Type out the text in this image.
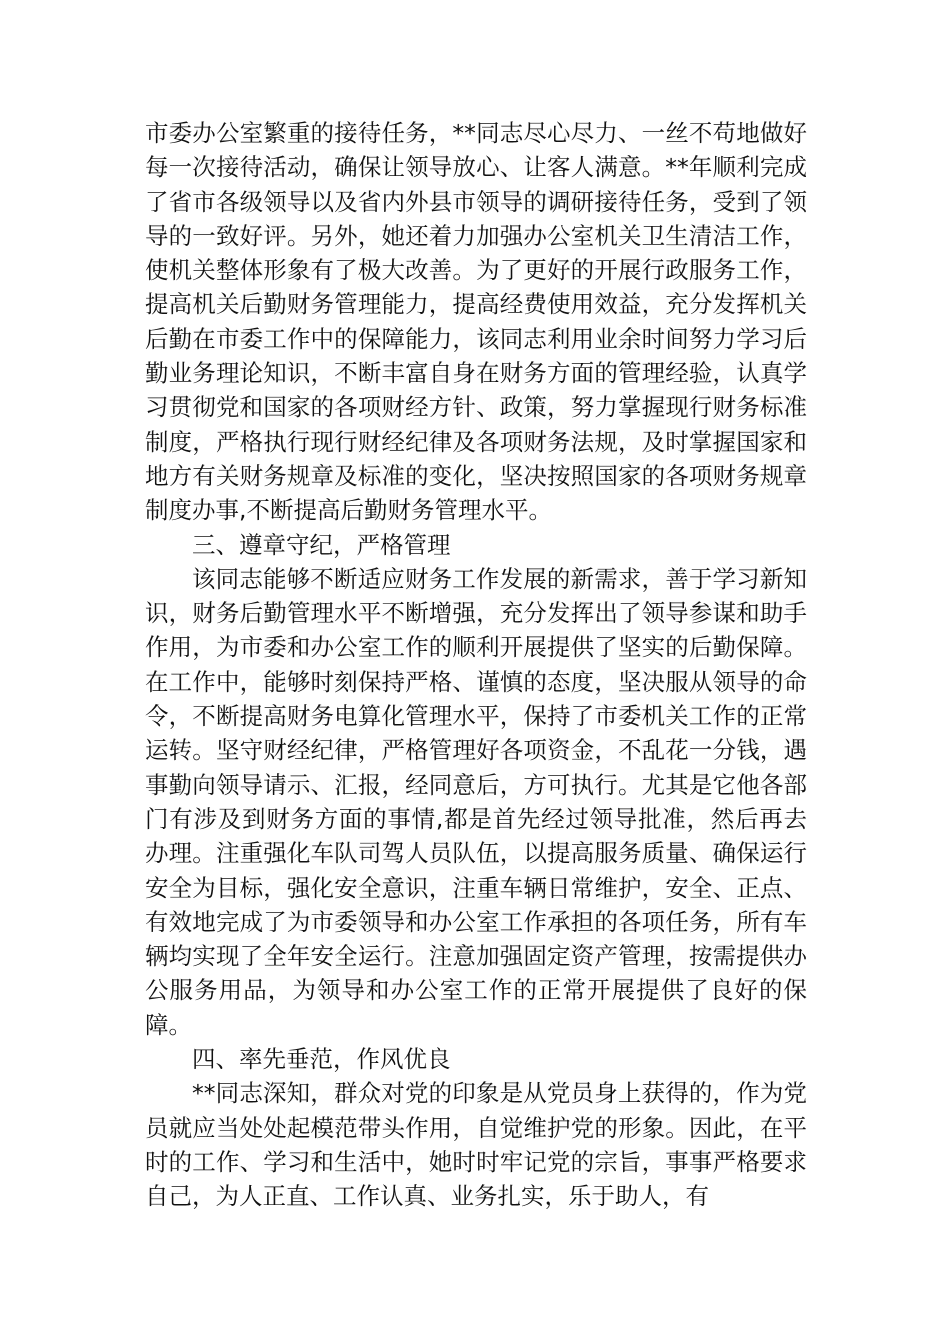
市委办公室繁重的接待任务，**同志尽心尽力、一丝不苟地做好每一次接待活动，确保让领导放心、让客人满意。**年顺利完成了省市各级领导以及省内外县市领导的调研接待任务，受到了领导的一致好评。另外，她还着力加强办公室机关卫生清洁工作，使机关整体形象有了极大改善。为了更好的开展行政服务工作，提高机关后勤财务管理能力，提高经费使用效益，充分发挥机关后勤在市委工作中的保障能力，该同志利用业余时间努力学习后勤业务理论知识，不断丰富自身在财务方面的管理经验，认真学习贯彻党和国家的各项财经方针、政策，努力掌握现行财务标准制度，严格执行现行财经纪律及各项财务法规，及时掌握国家和地方有关财务规章及标准的变化，坚决按照国家的各项财务规章制度办事,不断提高后勤财务管理水平。

三、遵章守纪，严格管理

该同志能够不断适应财务工作发展的新需求，善于学习新知识，财务后勤管理水平不断增强，充分发挥出了领导参谋和助手作用，为市委和办公室工作的顺利开展提供了坚实的后勤保障。在工作中，能够时刻保持严格、谨慎的态度，坚决服从领导的命令，不断提高财务电算化管理水平，保持了市委机关工作的正常运转。坚守财经纪律，严格管理好各项资金，不乱花一分钱，遇事勤向领导请示、汇报，经同意后，方可执行。尤其是它他各部门有涉及到财务方面的事情,都是首先经过领导批准，然后再去办理。注重强化车队司驾人员队伍，以提高服务质量、确保运行安全为目标，强化安全意识，注重车辆日常维护，安全、正点、有效地完成了为市委领导和办公室工作承担的各项任务，所有车辆均实现了全年安全运行。注意加强固定资产管理，按需提供办公服务用品，为领导和办公室工作的正常开展提供了良好的保障。

四、率先垂范，作风优良

**同志深知，群众对党的印象是从党员身上获得的，作为党员就应当处处起模范带头作用，自觉维护党的形象。因此，在平时的工作、学习和生活中，她时时牢记党的宗旨，事事严格要求自己，为人正直、工作认真、业务扎实，乐于助人，有
